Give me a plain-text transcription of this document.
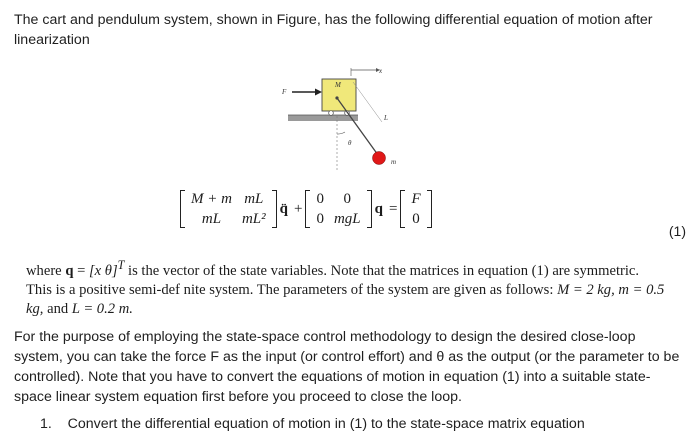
The cart and pendulum system, shown in Figure, has the following differential equation of motion after linearization
F
M
x
L
θ
m
M + m	mL
mL	mL²
q̈ +
0	0
0	mgL
q =
F
0
(1)
where q = [x θ]$^T$ is the vector of the state variables. Note that the matrices in equation (1) are symmetric. This is a positive semi-def nite system. The parameters of the system are given as follows: M = 2 kg, m = 0.5 kg, and L = 0.2 m.
For the purpose of employing the state-space control methodology to design the desired close-loop system, you can take the force F as the input (or control effort) and θ as the output (or the parameter to be controlled). Note that you have to convert the equations of motion in equation (1) into a suitable state-space linear system equation first before you proceed to close the loop.
1. Convert the differential equation of motion in (1) to the state-space matrix equation
